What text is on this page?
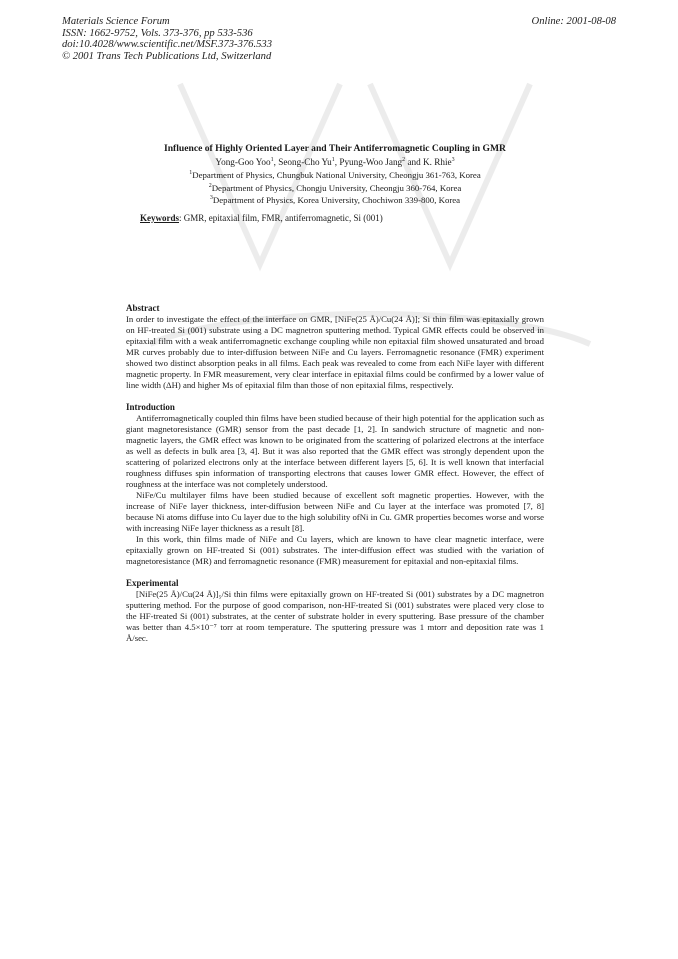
Materials Science Forum
ISSN: 1662-9752, Vols. 373-376, pp 533-536
doi:10.4028/www.scientific.net/MSF.373-376.533
© 2001 Trans Tech Publications Ltd, Switzerland
Online: 2001-08-08
Influence of Highly Oriented Layer and Their Antiferromagnetic Coupling in GMR
Yong-Goo Yoo$^1$, Seong-Cho Yu$^1$, Pyung-Woo Jang$^2$ and K. Rhie$^3$
$^1$Department of Physics, Chungbuk National University, Cheongju 361-763, Korea
$^2$Department of Physics, Chongju University, Cheongju 360-764, Korea
$^3$Department of Physics, Korea University, Chochiwon 339-800, Korea
Keywords: GMR, epitaxial film, FMR, antiferromagnetic, Si (001)
Abstract

In order to investigate the effect of the interface on GMR, [NiFe(25 Å)/Cu(24 Å)]; Si thin film was epitaxially grown on HF-treated Si (001) substrate using a DC magnetron sputtering method. Typical GMR effects could be observed in epitaxial film with a weak antiferromagnetic exchange coupling while non epitaxial film showed unsaturated and broad MR curves probably due to inter-diffusion between NiFe and Cu layers. Ferromagnetic resonance (FMR) experiment showed two distinct absorption peaks in all films. Each peak was revealed to come from each NiFe layer with different magnetic property. In FMR measurement, very clear interface in epitaxial films could be confirmed by a lower value of line width (ΔH) and higher Ms of epitaxial film than those of non epitaxial films, respectively.

Introduction

Antiferromagnetically coupled thin films have been studied because of their high potential for the application such as giant magnetoresistance (GMR) sensor from the past decade [1, 2]. In sandwich structure of magnetic and non-magnetic layers, the GMR effect was known to be originated from the scattering of polarized electrons at the interface as well as defects in bulk area [3, 4]. But it was also reported that the GMR effect was strongly dependent upon the scattering of polarized electrons only at the interface between different layers [5, 6]. It is well known that interfacial roughness diffuses spin information of transporting electrons that causes lower GMR effect. However, the effect of roughness at the interface was not completely understood.

NiFe/Cu multilayer films have been studied because of excellent soft magnetic properties. However, with the increase of NiFe layer thickness, inter-diffusion between NiFe and Cu layer at the interface was promoted [7, 8] because Ni atoms diffuse into Cu layer due to the high solubility ofNi in Cu. GMR properties becomes worse and worse with increasing NiFe layer thickness as a result [8].

In this work, thin films made of NiFe and Cu layers, which are known to have clear magnetic interface, were epitaxially grown on HF-treated Si (001) substrates. The inter-diffusion effect was studied with the variation of magnetoresistance (MR) and ferromagnetic resonance (FMR) measurement for epitaxial and non-epitaxial films.

Experimental

[NiFe(25 Å)/Cu(24 Å)]₅/Si thin films were epitaxially grown on HF-treated Si (001) substrates by a DC magnetron sputtering method. For the purpose of good comparison, non-HF-treated Si (001) substrates were placed very close to the HF-treated Si (001) substrates, at the center of substrate holder in every sputtering. Base pressure of the chamber was better than 4.5×10⁻⁷ torr at room temperature. The sputtering pressure was 1 mtorr and deposition rate was 1 Å/sec.
